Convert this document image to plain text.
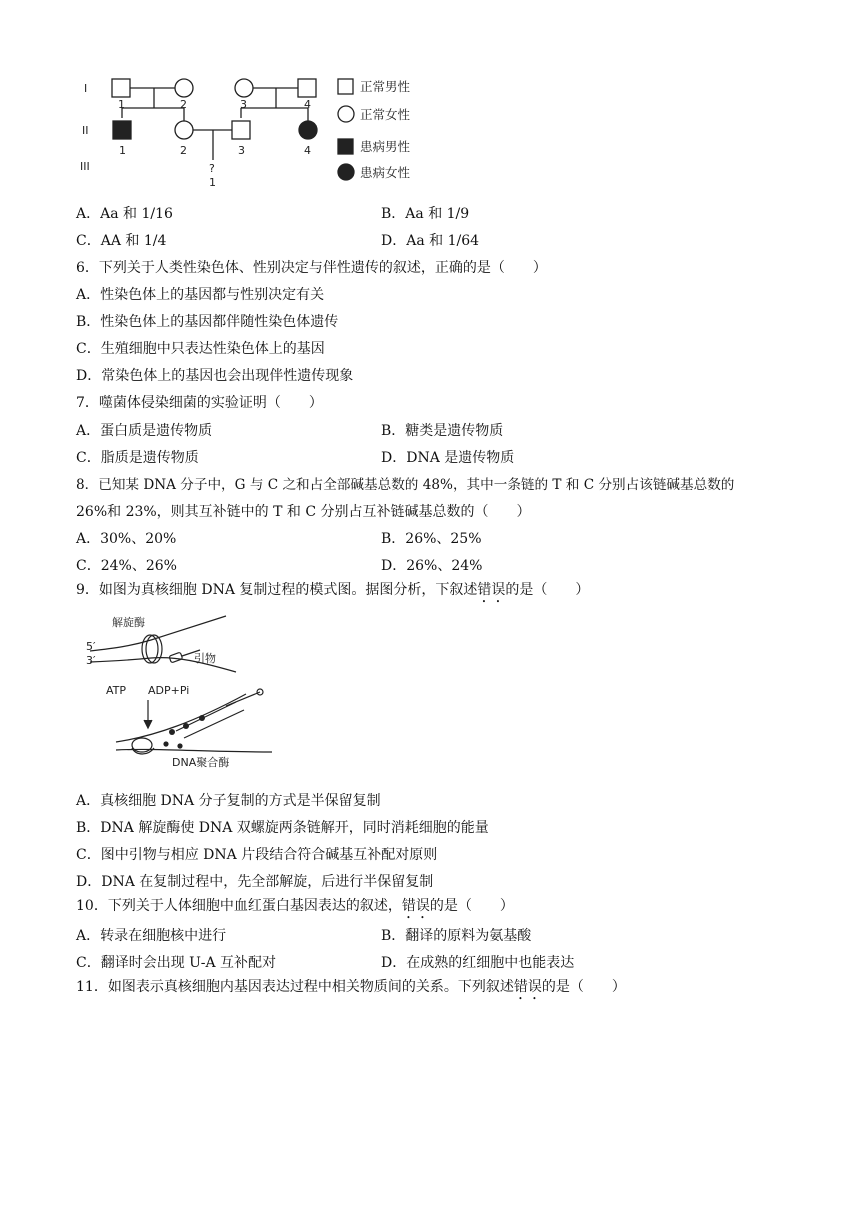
I
II
III
1	2	3	4
1	2	3	4
?
1
正常男性
正常女性
患病男性
患病女性
A．Aa 和 1/16	B．Aa 和 1/9
C．AA 和 1/4	D．Aa 和 1/64
6．下列关于人类性染色体、性别决定与伴性遗传的叙述，正确的是（　　）
A．性染色体上的基因都与性别决定有关
B．性染色体上的基因都伴随性染色体遗传
C．生殖细胞中只表达性染色体上的基因
D．常染色体上的基因也会出现伴性遗传现象
7．噬菌体侵染细菌的实验证明（　　）
A．蛋白质是遗传物质	B．糖类是遗传物质
C．脂质是遗传物质	D．DNA 是遗传物质
8．已知某 DNA 分子中，G 与 C 之和占全部碱基总数的 48%，其中一条链的 T 和 C 分别占该链碱基总数的
26%和 23%，则其互补链中的 T 和 C 分别占互补链碱基总数的（　　）
A．30%、20%	B．26%、25%
C．24%、26%	D．26%、24%
9．如图为真核细胞 DNA 复制过程的模式图。据图分析，下叙述错误的是（　　）
解旋酶
5′
3′	引物
ATP ADP+Pi
DNA聚合酶
A．真核细胞 DNA 分子复制的方式是半保留复制
B．DNA 解旋酶使 DNA 双螺旋两条链解开，同时消耗细胞的能量
C．图中引物与相应 DNA 片段结合符合碱基互补配对原则
D．DNA 在复制过程中，先全部解旋，后进行半保留复制
10．下列关于人体细胞中血红蛋白基因表达的叙述，错误的是（　　）
A．转录在细胞核中进行	B．翻译的原料为氨基酸
C．翻译时会出现 U-A 互补配对	D．在成熟的红细胞中也能表达
11．如图表示真核细胞内基因表达过程中相关物质间的关系。下列叙述错误的是（　　）
